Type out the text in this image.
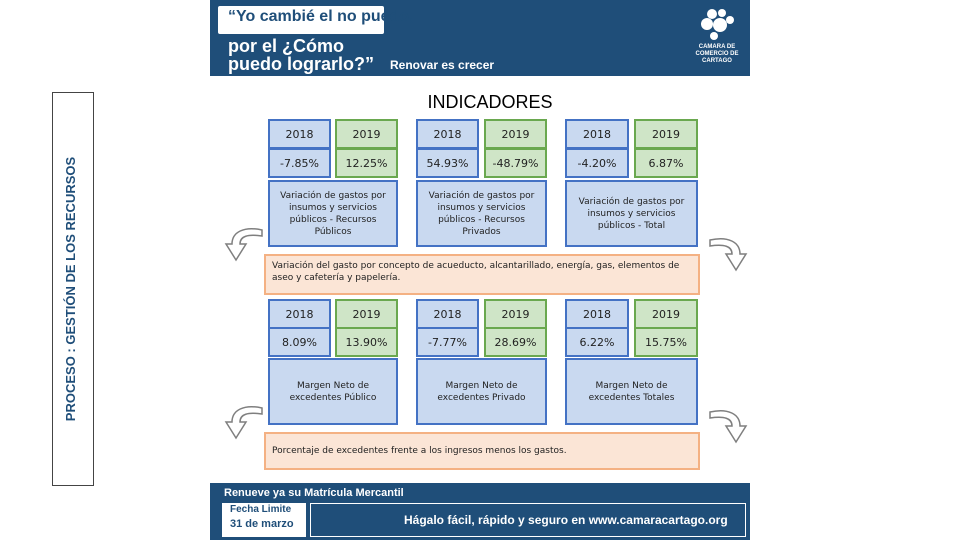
“Yo cambié el no puedo,
por el ¿Cómo
puedo lograrlo?” Renovar es crecer
CAMARA DE COMERCIO DE CARTAGO
PROCESO : GESTIÓN DE LOS RECURSOS
INDICADORES
2018	2019
-7.85%	12.25%
Variación de gastos por insumos y servicios públicos - Recursos Públicos
2018	2019
54.93%	-48.79%
Variación de gastos por insumos y servicios públicos - Recursos Privados
2018	2019
-4.20%	6.87%
Variación de gastos por insumos y servicios públicos - Total
Variación del gasto por concepto de acueducto, alcantarillado, energía, gas, elementos de aseo y cafetería y papelería.
2018	2019
8.09%	13.90%
Margen Neto de excedentes Público
2018	2019
-7.77%	28.69%
Margen Neto de excedentes Privado
2018	2019
6.22%	15.75%
Margen Neto de excedentes Totales
Porcentaje de excedentes frente a los ingresos menos los gastos.
Renueve ya su Matrícula Mercantil
Fecha Limite
31 de marzo	Hágalo fácil, rápido y seguro en www.camaracartago.org
